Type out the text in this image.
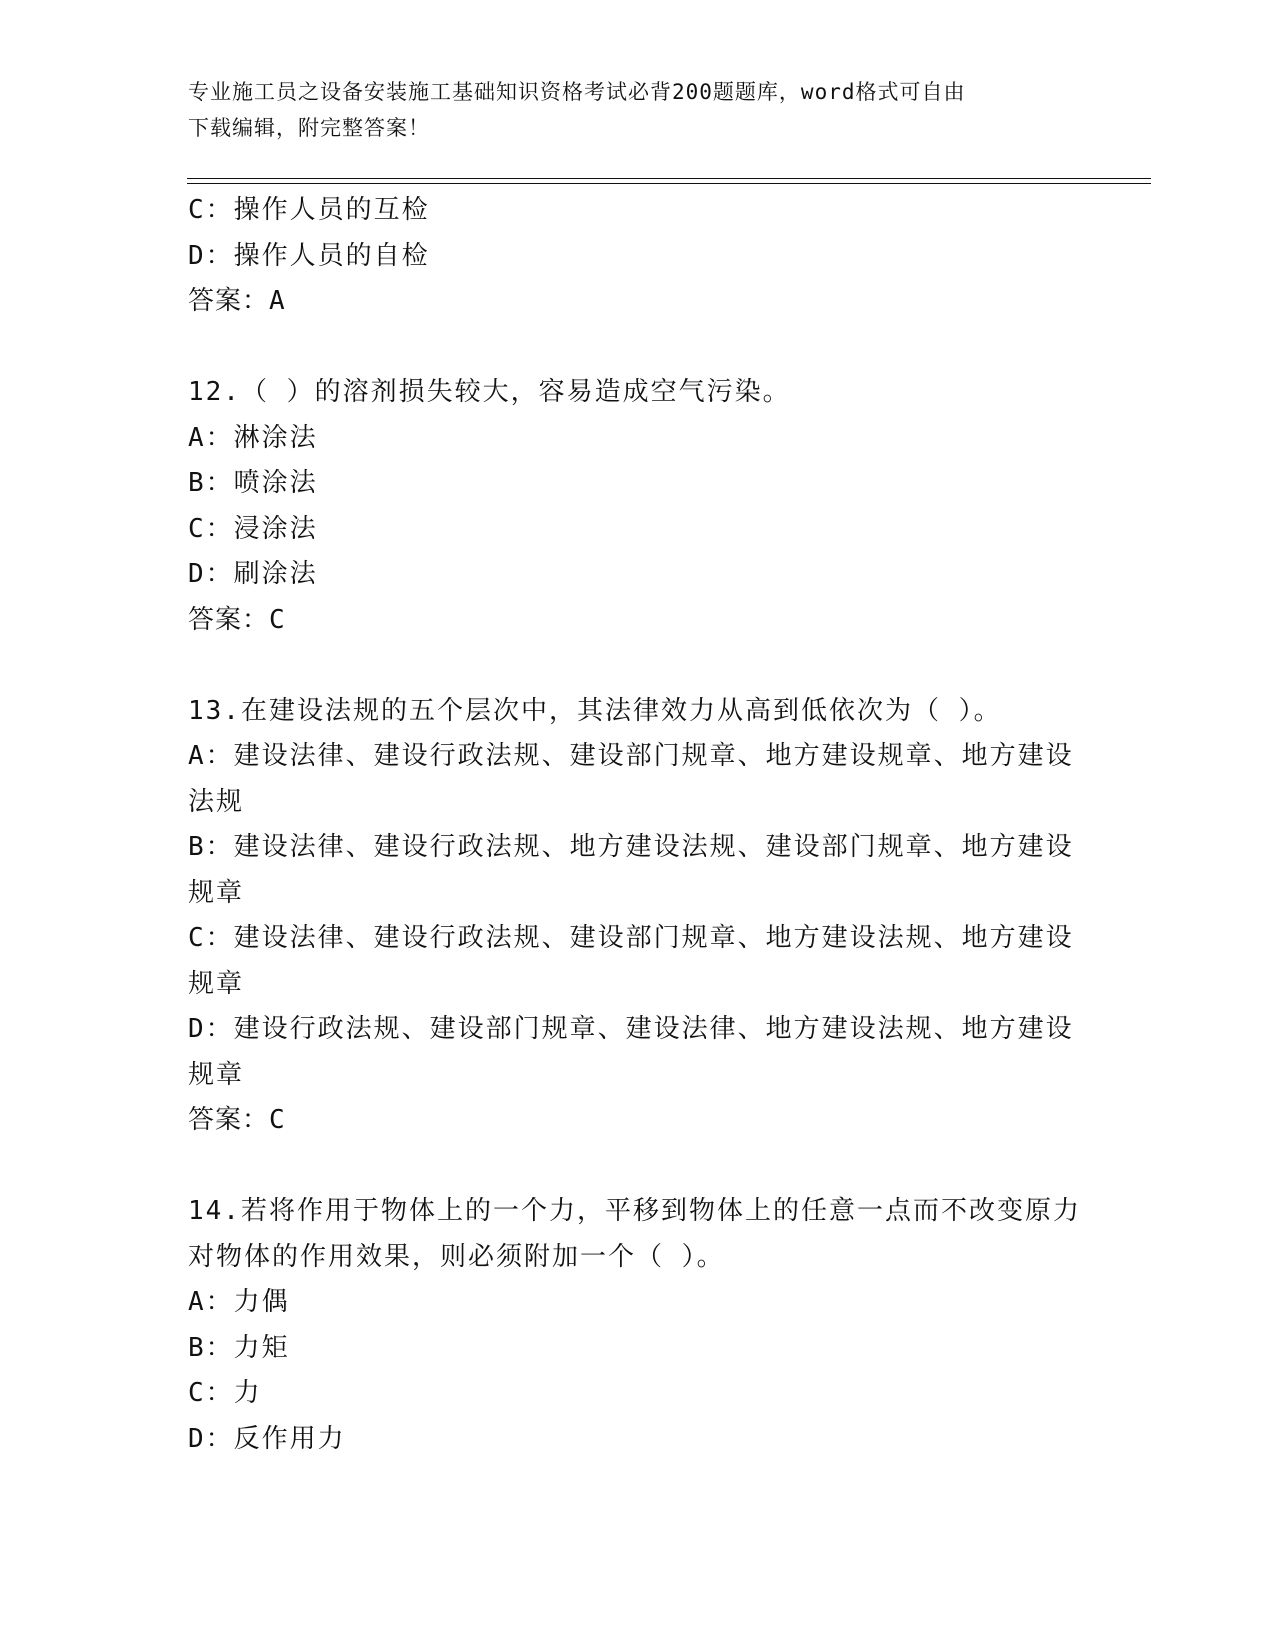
专业施工员之设备安装施工基础知识资格考试必背200题题库，word格式可自由
下载编辑，附完整答案！
C：操作人员的互检
D：操作人员的自检
答案：A
12.（ ）的溶剂损失较大，容易造成空气污染。
A：淋涂法
B：喷涂法
C：浸涂法
D：刷涂法
答案：C
13.在建设法规的五个层次中，其法律效力从高到低依次为（ ）。
A：建设法律、建设行政法规、建设部门规章、地方建设规章、地方建设法规
B：建设法律、建设行政法规、地方建设法规、建设部门规章、地方建设规章
C：建设法律、建设行政法规、建设部门规章、地方建设法规、地方建设规章
D：建设行政法规、建设部门规章、建设法律、地方建设法规、地方建设规章
答案：C
14.若将作用于物体上的一个力，平移到物体上的任意一点而不改变原力对物体的作用效果，则必须附加一个（ ）。
A：力偶
B：力矩
C：力
D：反作用力
